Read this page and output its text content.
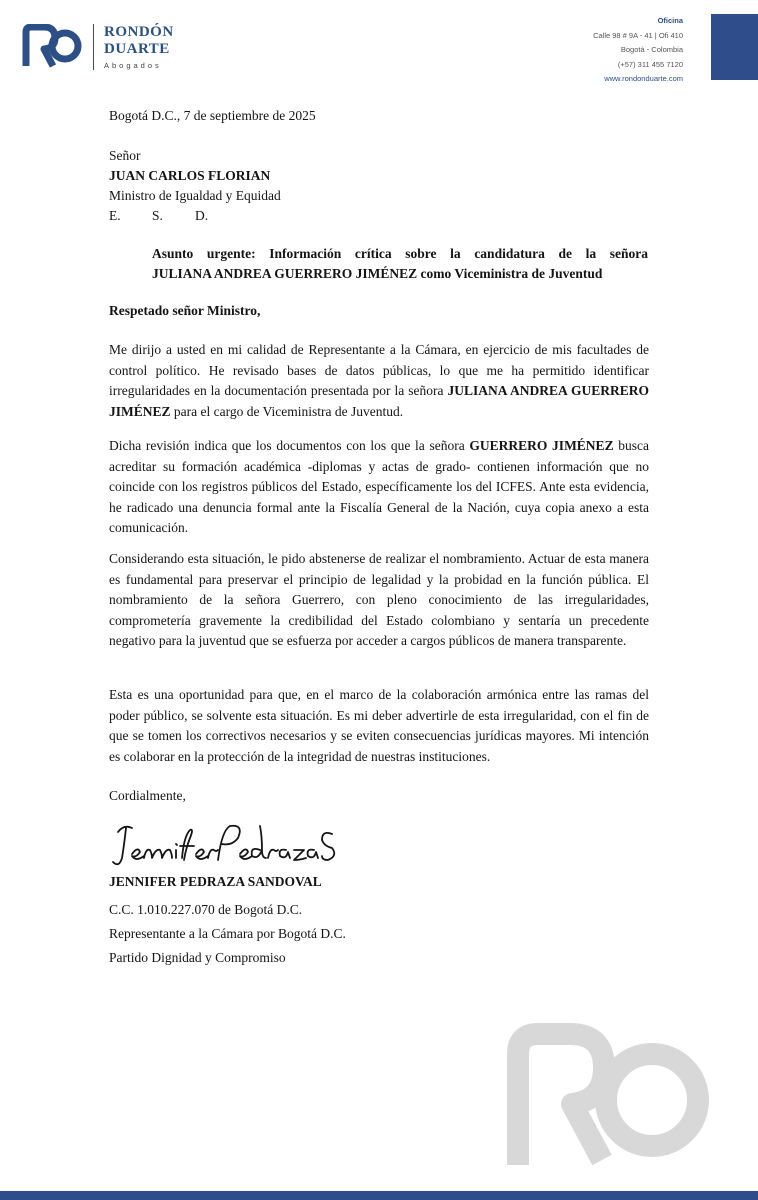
RONDÓN
DUARTE
Abogados
Oficina
Calle 98 # 9A - 41 | Ofi 410
Bogotá - Colombia
(+57) 311 455 7120
www.rondonduarte.com
Bogotá D.C., 7 de septiembre de 2025
Señor
JUAN CARLOS FLORIAN
Ministro de Igualdad y Equidad
E.	S.	D.
Asunto urgente: Información crítica sobre la candidatura de la señora
JULIANA ANDREA GUERRERO JIMÉNEZ como Viceministra de Juventud
Respetado señor Ministro,
Me dirijo a usted en mi calidad de Representante a la Cámara, en ejercicio de mis facultades de control político. He revisado bases de datos públicas, lo que me ha permitido identificar irregularidades en la documentación presentada por la señora JULIANA ANDREA GUERRERO JIMÉNEZ para el cargo de Viceministra de Juventud.
Dicha revisión indica que los documentos con los que la señora GUERRERO JIMÉNEZ busca acreditar su formación académica -diplomas y actas de grado- contienen información que no coincide con los registros públicos del Estado, específicamente los del ICFES. Ante esta evidencia, he radicado una denuncia formal ante la Fiscalía General de la Nación, cuya copia anexo a esta comunicación.
Considerando esta situación, le pido abstenerse de realizar el nombramiento. Actuar de esta manera es fundamental para preservar el principio de legalidad y la probidad en la función pública. El nombramiento de la señora Guerrero, con pleno conocimiento de las irregularidades, comprometería gravemente la credibilidad del Estado colombiano y sentaría un precedente negativo para la juventud que se esfuerza por acceder a cargos públicos de manera transparente.
Esta es una oportunidad para que, en el marco de la colaboración armónica entre las ramas del poder público, se solvente esta situación. Es mi deber advertirle de esta irregularidad, con el fin de que se tomen los correctivos necesarios y se eviten consecuencias jurídicas mayores. Mi intención es colaborar en la protección de la integridad de nuestras instituciones.
Cordialmente,
JENNIFER PEDRAZA SANDOVAL
C.C. 1.010.227.070 de Bogotá D.C.
Representante a la Cámara por Bogotá D.C.
Partido Dignidad y Compromiso
